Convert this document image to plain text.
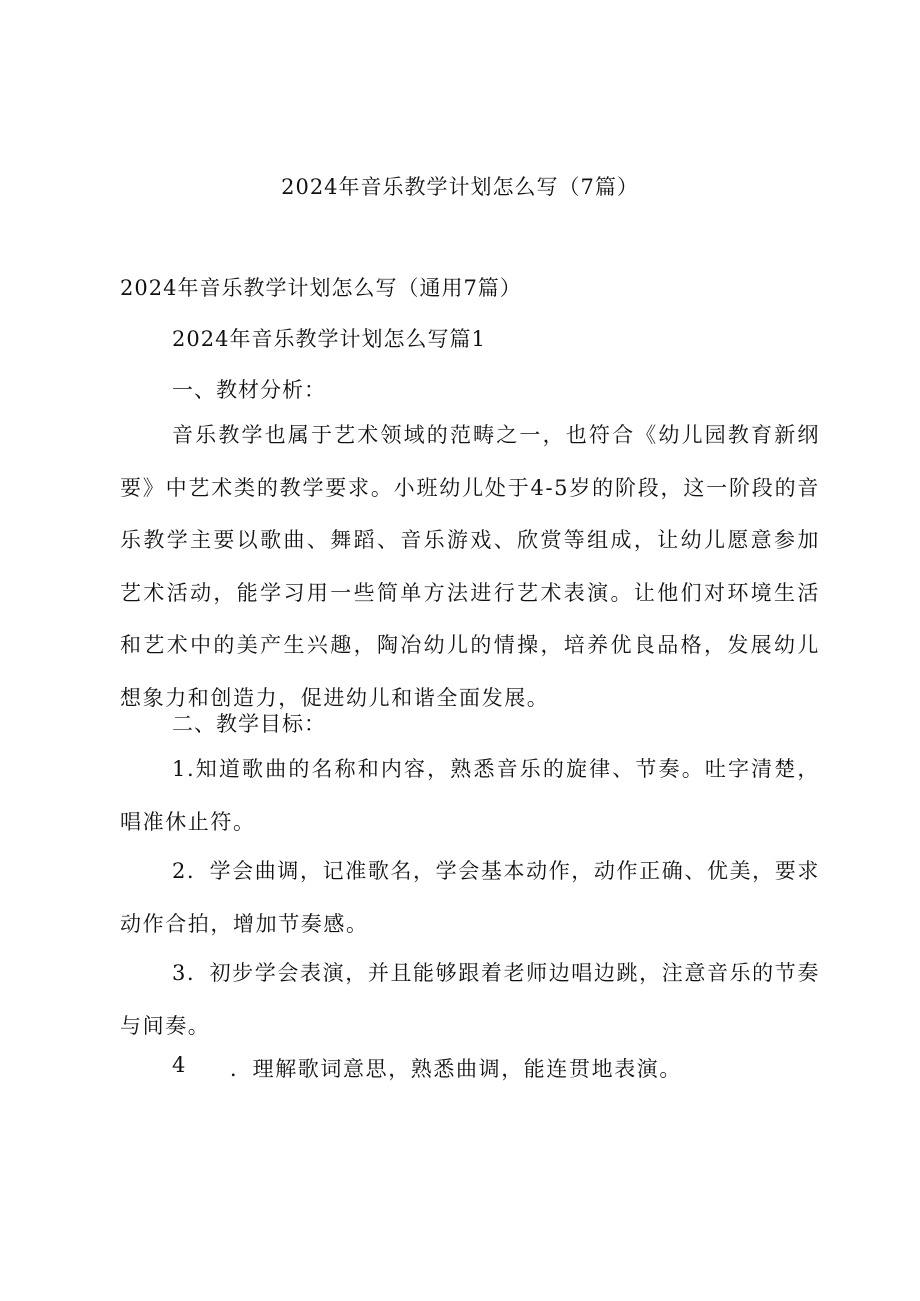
2024年音乐教学计划怎么写（7篇）
2024年音乐教学计划怎么写（通用7篇）
2024年音乐教学计划怎么写篇1
一、教材分析：
音乐教学也属于艺术领域的范畴之一，也符合《幼儿园教育新纲要》中艺术类的教学要求。小班幼儿处于4-5岁的阶段，这一阶段的音乐教学主要以歌曲、舞蹈、音乐游戏、欣赏等组成，让幼儿愿意参加艺术活动，能学习用一些简单方法进行艺术表演。让他们对环境生活和艺术中的美产生兴趣，陶冶幼儿的情操，培养优良品格，发展幼儿想象力和创造力，促进幼儿和谐全面发展。
二、教学目标：
1.知道歌曲的名称和内容，熟悉音乐的旋律、节奏。吐字清楚，唱准休止符。
2．学会曲调，记准歌名，学会基本动作，动作正确、优美，要求动作合拍，增加节奏感。
3．初步学会表演，并且能够跟着老师边唱边跳，注意音乐的节奏与间奏。
4 ．理解歌词意思，熟悉曲调，能连贯地表演。
